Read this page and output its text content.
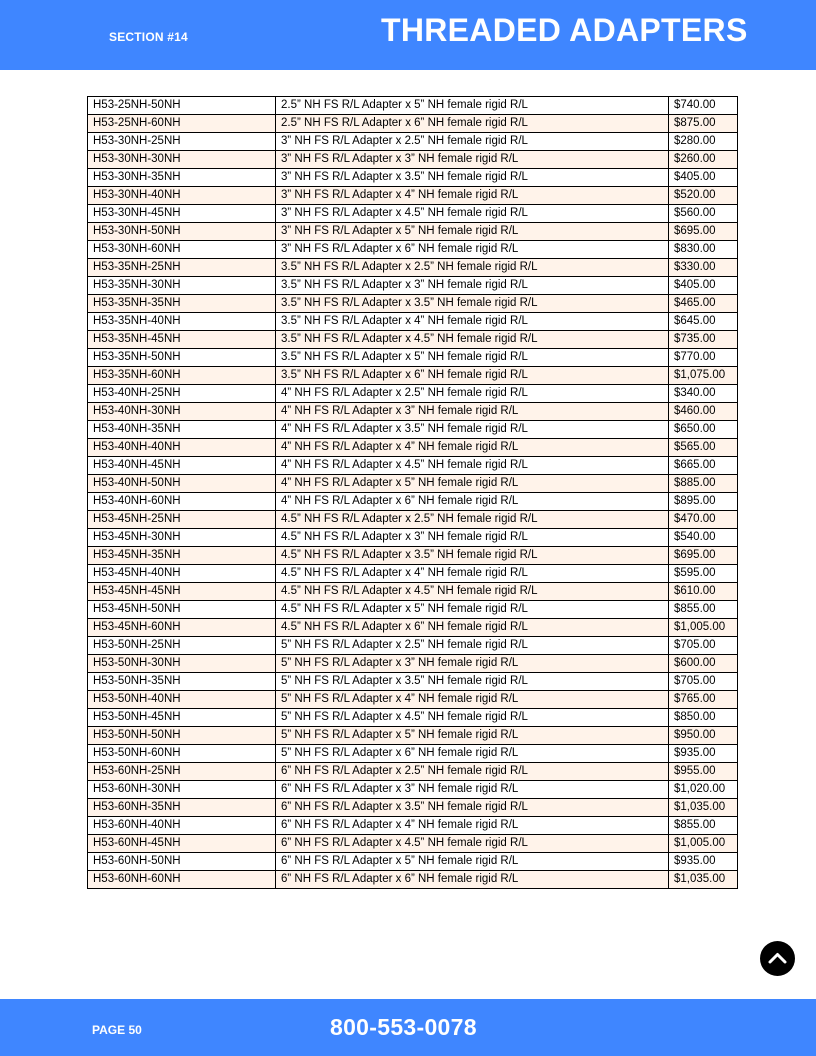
SECTION #14	THREADED ADAPTERS
H53-25NH-50NH	2.5” NH FS R/L Adapter x 5” NH female rigid R/L	$740.00
H53-25NH-60NH	2.5” NH FS R/L Adapter x 6” NH female rigid R/L	$875.00
H53-30NH-25NH	3” NH FS R/L Adapter x 2.5” NH female rigid R/L	$280.00
H53-30NH-30NH	3” NH FS R/L Adapter x 3” NH female rigid R/L	$260.00
H53-30NH-35NH	3” NH FS R/L Adapter x 3.5” NH female rigid R/L	$405.00
H53-30NH-40NH	3” NH FS R/L Adapter x 4” NH female rigid R/L	$520.00
H53-30NH-45NH	3” NH FS R/L Adapter x 4.5” NH female rigid R/L	$560.00
H53-30NH-50NH	3” NH FS R/L Adapter x 5” NH female rigid R/L	$695.00
H53-30NH-60NH	3” NH FS R/L Adapter x 6” NH female rigid R/L	$830.00
H53-35NH-25NH	3.5” NH FS R/L Adapter x 2.5” NH female rigid R/L	$330.00
H53-35NH-30NH	3.5” NH FS R/L Adapter x 3” NH female rigid R/L	$405.00
H53-35NH-35NH	3.5” NH FS R/L Adapter x 3.5” NH female rigid R/L	$465.00
H53-35NH-40NH	3.5” NH FS R/L Adapter x 4” NH female rigid R/L	$645.00
H53-35NH-45NH	3.5” NH FS R/L Adapter x 4.5” NH female rigid R/L	$735.00
H53-35NH-50NH	3.5” NH FS R/L Adapter x 5” NH female rigid R/L	$770.00
H53-35NH-60NH	3.5” NH FS R/L Adapter x 6” NH female rigid R/L	$1,075.00
H53-40NH-25NH	4” NH FS R/L Adapter x 2.5” NH female rigid R/L	$340.00
H53-40NH-30NH	4” NH FS R/L Adapter x 3” NH female rigid R/L	$460.00
H53-40NH-35NH	4” NH FS R/L Adapter x 3.5” NH female rigid R/L	$650.00
H53-40NH-40NH	4” NH FS R/L Adapter x 4” NH female rigid R/L	$565.00
H53-40NH-45NH	4” NH FS R/L Adapter x 4.5” NH female rigid R/L	$665.00
H53-40NH-50NH	4” NH FS R/L Adapter x 5” NH female rigid R/L	$885.00
H53-40NH-60NH	4” NH FS R/L Adapter x 6” NH female rigid R/L	$895.00
H53-45NH-25NH	4.5” NH FS R/L Adapter x 2.5” NH female rigid R/L	$470.00
H53-45NH-30NH	4.5” NH FS R/L Adapter x 3” NH female rigid R/L	$540.00
H53-45NH-35NH	4.5” NH FS R/L Adapter x 3.5” NH female rigid R/L	$695.00
H53-45NH-40NH	4.5” NH FS R/L Adapter x 4” NH female rigid R/L	$595.00
H53-45NH-45NH	4.5” NH FS R/L Adapter x 4.5” NH female rigid R/L	$610.00
H53-45NH-50NH	4.5” NH FS R/L Adapter x 5” NH female rigid R/L	$855.00
H53-45NH-60NH	4.5” NH FS R/L Adapter x 6” NH female rigid R/L	$1,005.00
H53-50NH-25NH	5” NH FS R/L Adapter x 2.5” NH female rigid R/L	$705.00
H53-50NH-30NH	5” NH FS R/L Adapter x 3” NH female rigid R/L	$600.00
H53-50NH-35NH	5” NH FS R/L Adapter x 3.5” NH female rigid R/L	$705.00
H53-50NH-40NH	5” NH FS R/L Adapter x 4” NH female rigid R/L	$765.00
H53-50NH-45NH	5” NH FS R/L Adapter x 4.5” NH female rigid R/L	$850.00
H53-50NH-50NH	5” NH FS R/L Adapter x 5” NH female rigid R/L	$950.00
H53-50NH-60NH	5” NH FS R/L Adapter x 6” NH female rigid R/L	$935.00
H53-60NH-25NH	6” NH FS R/L Adapter x 2.5” NH female rigid R/L	$955.00
H53-60NH-30NH	6” NH FS R/L Adapter x 3” NH female rigid R/L	$1,020.00
H53-60NH-35NH	6” NH FS R/L Adapter x 3.5” NH female rigid R/L	$1,035.00
H53-60NH-40NH	6” NH FS R/L Adapter x 4” NH female rigid R/L	$855.00
H53-60NH-45NH	6” NH FS R/L Adapter x 4.5” NH female rigid R/L	$1,005.00
H53-60NH-50NH	6” NH FS R/L Adapter x 5” NH female rigid R/L	$935.00
H53-60NH-60NH	6” NH FS R/L Adapter x 6” NH female rigid R/L	$1,035.00
PAGE 50	800-553-0078
